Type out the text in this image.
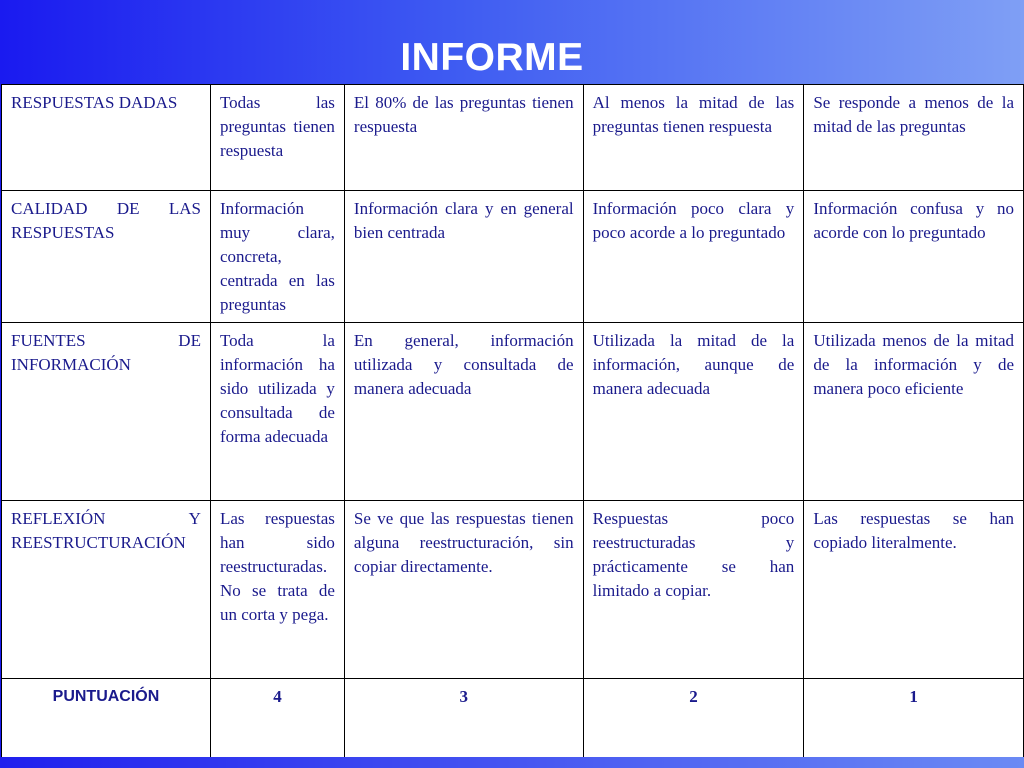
INFORME
RESPUESTAS DADAS	Todas las preguntas tienen respuesta	El 80% de las preguntas tienen respuesta	Al menos la mitad de las preguntas tienen respuesta	Se responde a menos de la mitad de las preguntas
CALIDAD DE LAS RESPUESTAS	Información muy clara, concreta, centrada en las preguntas	Información clara y en general bien centrada	Información poco clara y poco acorde a lo preguntado	Información confusa y no acorde con lo preguntado
FUENTES DE INFORMACIÓN	Toda la información ha sido utilizada y consultada de forma adecuada	En general, información utilizada y consultada de manera adecuada	Utilizada la mitad de la información, aunque de manera adecuada	Utilizada menos de la mitad de la información y de manera poco eficiente
REFLEXIÓN Y REESTRUCTURACIÓN	Las respuestas han sido reestructuradas. No se trata de un corta y pega.	Se ve que las respuestas tienen alguna reestructuración, sin copiar directamente.	Respuestas poco reestructuradas y prácticamente se han limitado a copiar.	Las respuestas se han copiado literalmente.
PUNTUACIÓN	4	3	2	1
